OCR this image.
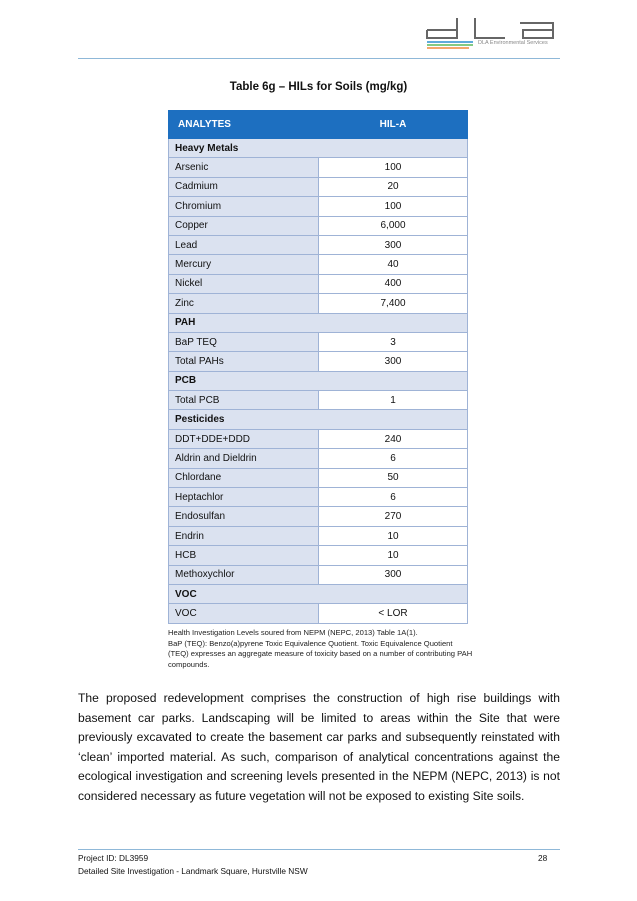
DLA Environmental Services
Table 6g – HILs for Soils (mg/kg)
ANALYTES	HIL-A
Heavy Metals	
Arsenic	100
Cadmium	20
Chromium	100
Copper	6,000
Lead	300
Mercury	40
Nickel	400
Zinc	7,400
PAH	
BaP TEQ	3
Total PAHs	300
PCB	
Total PCB	1
Pesticides	
DDT+DDE+DDD	240
Aldrin and Dieldrin	6
Chlordane	50
Heptachlor	6
Endosulfan	270
Endrin	10
HCB	10
Methoxychlor	300
VOC	
VOC	< LOR
Health Investigation Levels soured from NEPM (NEPC, 2013) Table 1A(1).
BaP (TEQ): Benzo(a)pyrene Toxic Equivalence Quotient. Toxic Equivalence Quotient (TEQ) expresses an aggregate measure of toxicity based on a number of contributing PAH compounds.
The proposed redevelopment comprises the construction of high rise buildings with basement car parks. Landscaping will be limited to areas within the Site that were previously excavated to create the basement car parks and subsequently reinstated with ‘clean’ imported material. As such, comparison of analytical concentrations against the ecological investigation and screening levels presented in the NEPM (NEPC, 2013) is not considered necessary as future vegetation will not be exposed to existing Site soils.
Project ID: DL3959
Detailed Site Investigation - Landmark Square, Hurstville NSW
28
